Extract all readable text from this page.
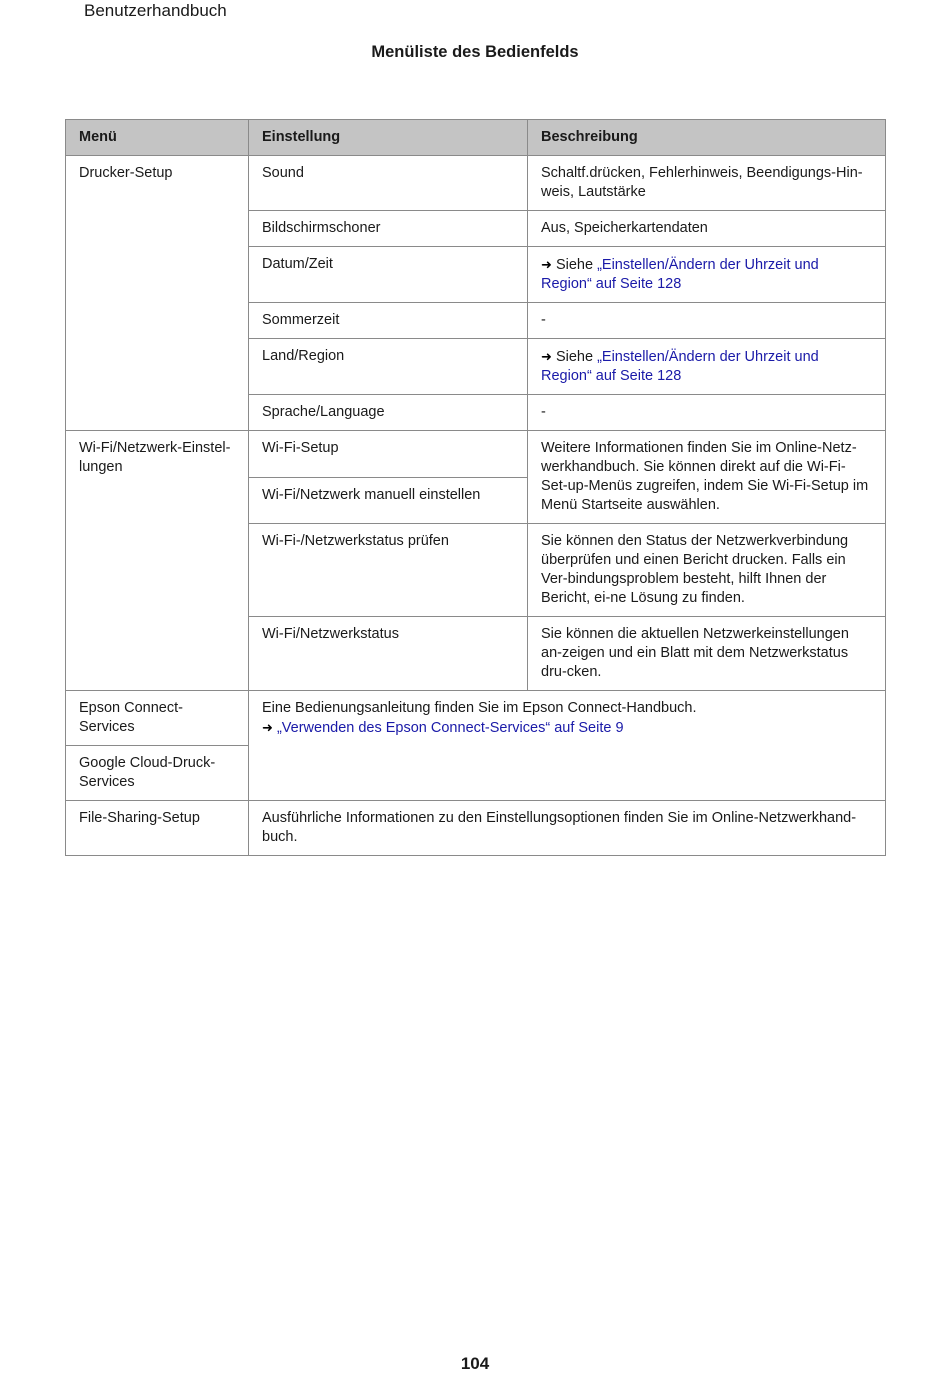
Benutzerhandbuch
Menüliste des Bedienfelds
Menü	Einstellung	Beschreibung
Drucker-Setup	Sound	Schaltf.drücken, Fehlerhinweis, Beendigungs-Hin-weis, Lautstärke
	Bildschirmschoner	Aus, Speicherkartendaten
	Datum/Zeit	➜ Siehe „Einstellen/Ändern der Uhrzeit und Region“ auf Seite 128
	Sommerzeit	-
	Land/Region	➜ Siehe „Einstellen/Ändern der Uhrzeit und Region“ auf Seite 128
	Sprache/Language	-
Wi-Fi/Netzwerk-Einstel-lungen	Wi-Fi-Setup	Weitere Informationen finden Sie im Online-Netz-werkhandbuch. Sie können direkt auf die Wi-Fi-Set-up-Menüs zugreifen, indem Sie Wi-Fi-Setup im Menü Startseite auswählen.
	Wi-Fi/Netzwerk manuell einstellen	
	Wi-Fi-/Netzwerkstatus prüfen	Sie können den Status der Netzwerkverbindung überprüfen und einen Bericht drucken. Falls ein Ver-bindungsproblem besteht, hilft Ihnen der Bericht, ei-ne Lösung zu finden.
	Wi-Fi/Netzwerkstatus	Sie können die aktuellen Netzwerkeinstellungen an-zeigen und ein Blatt mit dem Netzwerkstatus dru-cken.
Epson Connect-Services	Eine Bedienungsanleitung finden Sie im Epson Connect-Handbuch.
➜ „Verwenden des Epson Connect-Services“ auf Seite 9	
Google Cloud-Druck-Services		
File-Sharing-Setup	Ausführliche Informationen zu den Einstellungsoptionen finden Sie im Online-Netzwerkhand-buch.	
104
